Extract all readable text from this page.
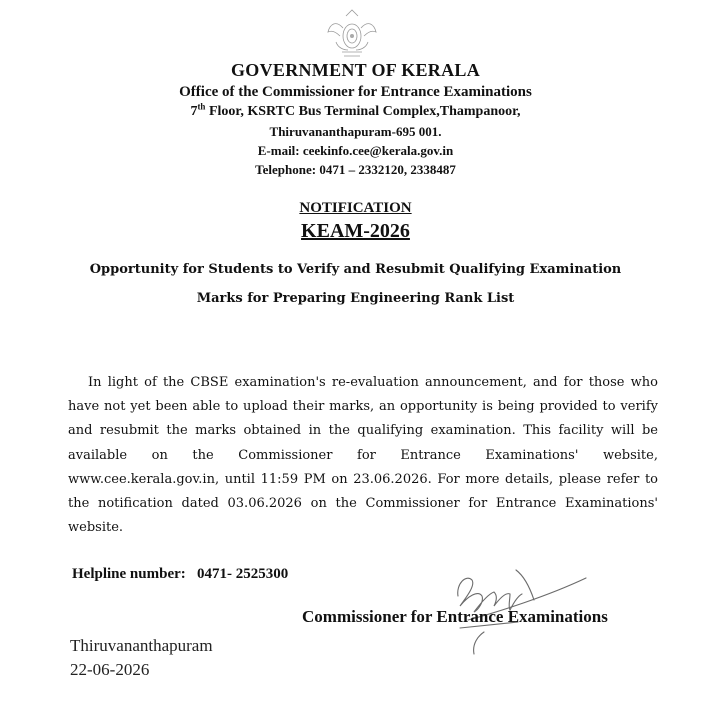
GOVERNMENT OF KERALA
Office of the Commissioner for Entrance Examinations
7th Floor, KSRTC Bus Terminal Complex,Thampanoor,
Thiruvananthapuram-695 001.
E-mail: ceekinfo.cee@kerala.gov.in
Telephone: 0471 – 2332120, 2338487
NOTIFICATION
KEAM-2026
Opportunity for Students to Verify and Resubmit Qualifying Examination
Marks for Preparing Engineering Rank List
In light of the CBSE examination's re-evaluation announcement, and for those who have not yet been able to upload their marks, an opportunity is being provided to verify and resubmit the marks obtained in the qualifying examination. This facility will be available on the Commissioner for Entrance Examinations' website, www.cee.kerala.gov.in, until 11:59 PM on 23.06.2026. For more details, please refer to the notification dated 03.06.2026 on the Commissioner for Entrance Examinations' website.
Helpline number: 0471- 2525300
Commissioner for Entrance Examinations
Thiruvananthapuram
22-06-2026
